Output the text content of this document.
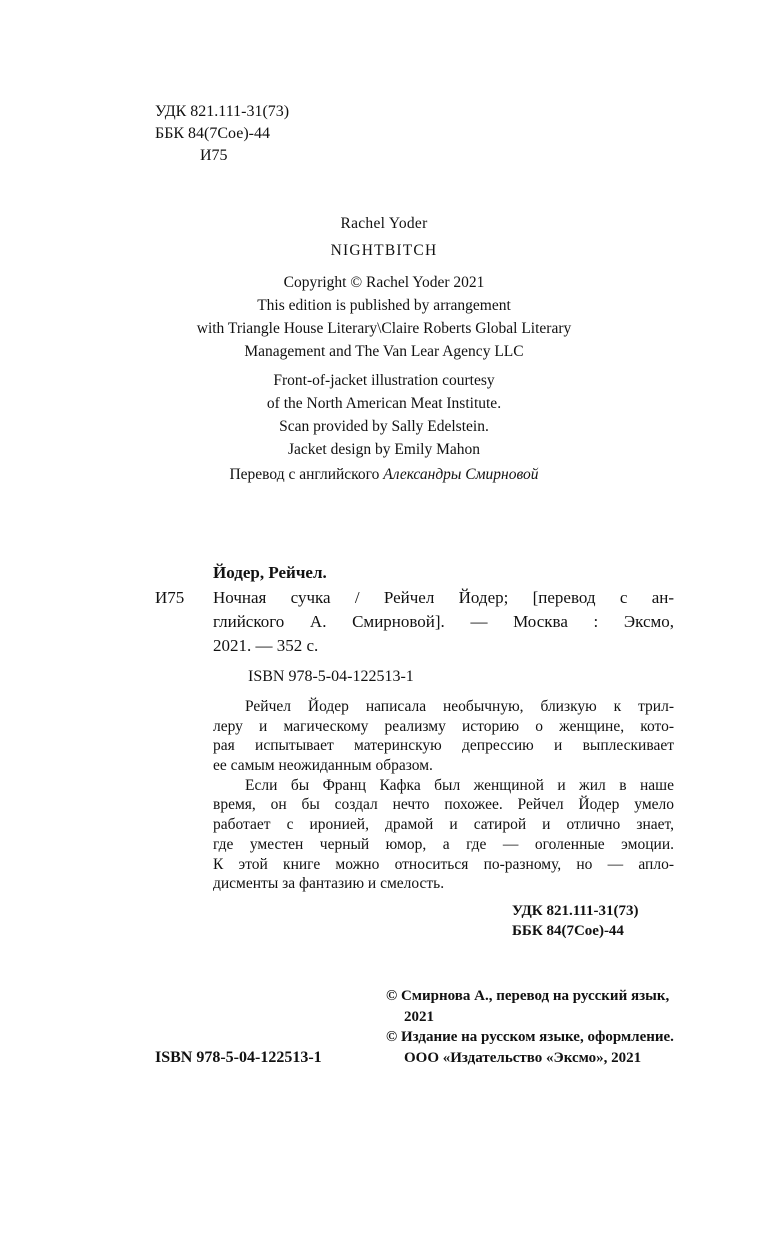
УДК 821.111-31(73)
ББК 84(7Сое)-44
И75
Rachel Yoder
NIGHTBITCH
Copyright © Rachel Yoder 2021
This edition is published by arrangement
with Triangle House Literary\Claire Roberts Global Literary
Management and The Van Lear Agency LLC
Front-of-jacket illustration courtesy
of the North American Meat Institute.
Scan provided by Sally Edelstein.
Jacket design by Emily Mahon
Перевод с английского Александры Смирновой
Йодер, Рейчел.
И75 Ночная сучка / Рейчел Йодер; [перевод с ан-
глийского А. Смирновой]. — Москва : Эксмо,
2021. — 352 с.
ISBN 978-5-04-122513-1
Рейчел Йодер написала необычную, близкую к трил-
леру и магическому реализму историю о женщине, кото-
рая испытывает материнскую депрессию и выплескивает
ее самым неожиданным образом.
Если бы Франц Кафка был женщиной и жил в наше
время, он бы создал нечто похожее. Рейчел Йодер умело
работает с иронией, драмой и сатирой и отлично знает,
где уместен черный юмор, а где — оголенные эмоции.
К этой книге можно относиться по-разному, но — апло-
дисменты за фантазию и смелость.
УДК 821.111-31(73)
ББК 84(7Сое)-44
© Смирнова А., перевод на русский язык,
2021
© Издание на русском языке, оформление.
ООО «Издательство «Эксмо», 2021
ISBN 978-5-04-122513-1
